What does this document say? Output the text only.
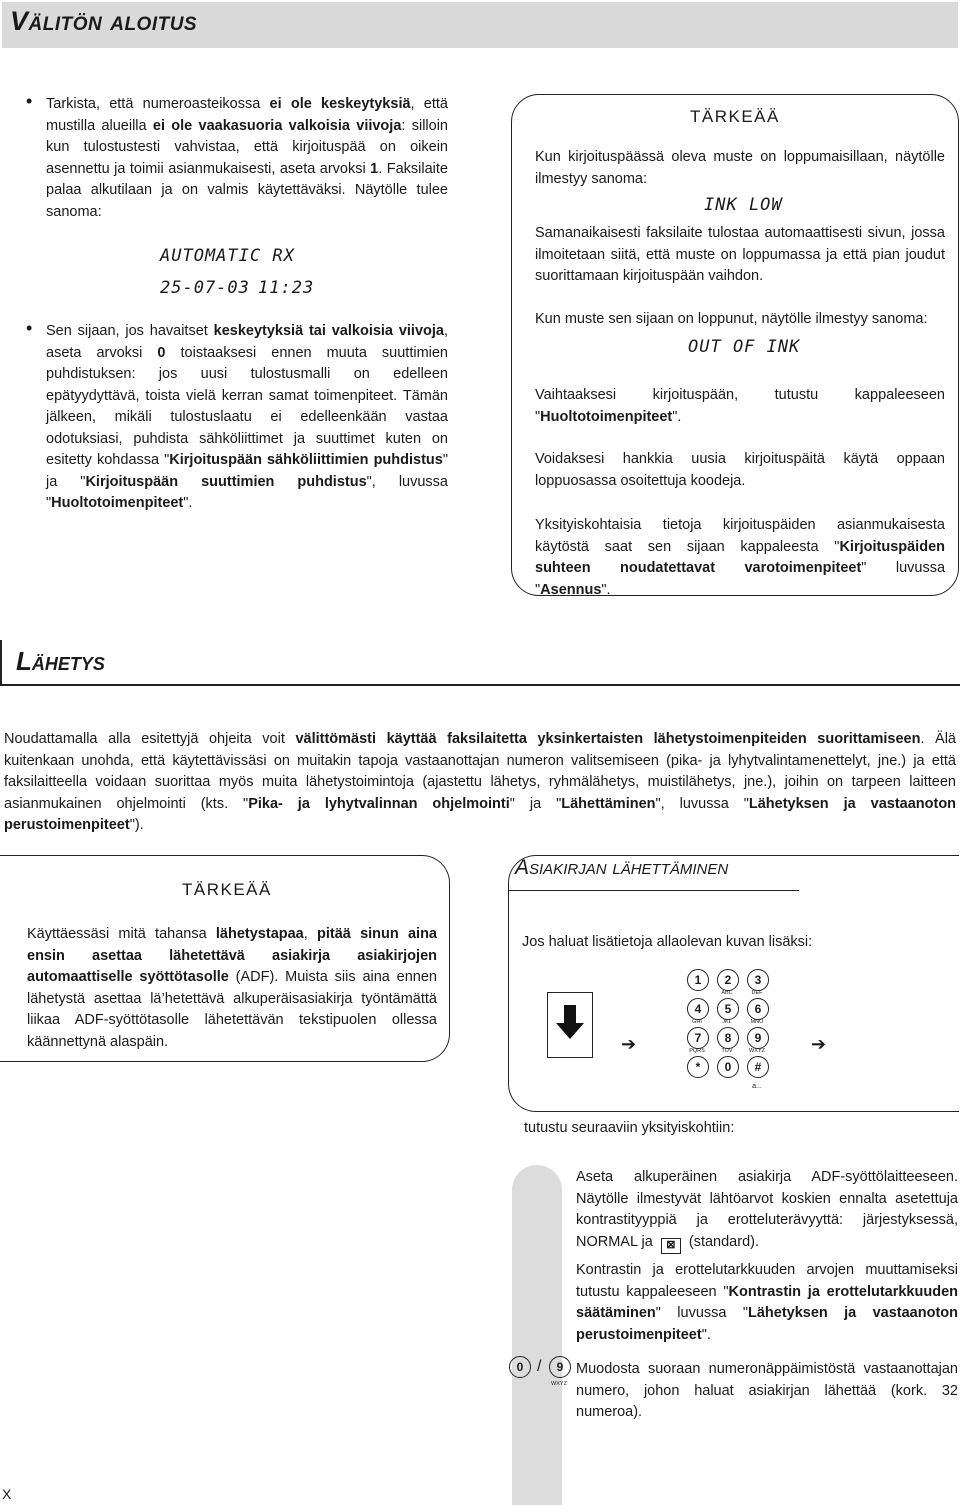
Välitön aloitus
• Tarkista, että numeroasteikossa ei ole keskeytyksiä, että mustilla alueilla ei ole vaakasuoria valkoisia viivoja: silloin kun tulostustesti vahvistaa, että kirjoituspää on oikein asennettu ja toimii asianmukaisesti, aseta arvoksi 1. Faksilaite palaa alkutilaan ja on valmis käytettäväksi. Näytölle tulee sanoma:
AUTOMATIC RX
25-07-03 11:23
• Sen sijaan, jos havaitset keskeytyksiä tai valkoisia viivoja, aseta arvoksi 0 toistaaksesi ennen muuta suuttimien puhdistuksen: jos uusi tulostusmalli on edelleen epätyydyttävä, toista vielä kerran samat toimenpiteet. Tämän jälkeen, mikäli tulostuslaatu ei edelleenkään vastaa odotuksiasi, puhdista sähköliittimet ja suuttimet kuten on esitetty kohdassa "Kirjoituspään sähköliittimien puhdistus" ja "Kirjoituspään suuttimien puhdistus", luvussa "Huoltotoimenpiteet".
TÄRKEÄÄ
Kun kirjoituspäässä oleva muste on loppumaisillaan, näytölle ilmestyy sanoma:
INK LOW
Samanaikaisesti faksilaite tulostaa automaattisesti sivun, jossa ilmoitetaan siitä, että muste on loppumassa ja että pian joudut suorittamaan kirjoituspään vaihdon.
Kun muste sen sijaan on loppunut, näytölle ilmestyy sanoma:
OUT OF INK
Vaihtaaksesi kirjoituspään, tutustu kappaleeseen "Huoltotoimenpiteet".
Voidaksesi hankkia uusia kirjoituspäitä käytä oppaan loppuosassa osoitettuja koodeja.
Yksityiskohtaisia tietoja kirjoituspäiden asianmukaisesta käytöstä saat sen sijaan kappaleesta "Kirjoituspäiden suhteen noudatettavat varotoimenpiteet" luvussa "Asennus".
Lähetys
Noudattamalla alla esitettyjä ohjeita voit välittömästi käyttää faksilaitetta yksinkertaisten lähetystoimenpiteiden suorittamiseen. Älä kuitenkaan unohda, että käytettävissäsi on muitakin tapoja vastaanottajan numeron valitsemiseen (pika- ja lyhytvalintamenettelyt, jne.) ja että faksilaitteella voidaan suorittaa myös muita lähetystoimintoja (ajastettu lähetys, ryhmälähetys, muistilähetys, jne.), joihin on tarpeen laitteen asianmukainen ohjelmointi (kts. "Pika- ja lyhytvalinnan ohjelmointi" ja "Lähettäminen", luvussa "Lähetyksen ja vastaanoton perustoimenpiteet").
TÄRKEÄÄ
Käyttäessäsi mitä tahansa lähetystapaa, pitää sinun aina ensin asettaa lähetettävä asiakirja asiakirjojen automaattiselle syöttötasolle (ADF). Muista siis aina ennen lähetystä asettaa lä’hetettävä alkuperäisasiakirja työntämättä liikaa ADF-syöttötasolle lähetettävän tekstipuolen ollessa käännettynä alaspäin.
Asiakirjan lähettäminen
Jos haluat lisätietoja allaolevan kuvan lisäksi:
➔	➔
1	2
ABC
3
DEF
4
GHI
5
JKL
6
MNO
7
PQRS
8
TUV
9
WXYZ
*	0	#
a...
tutustu seuraaviin yksityiskohtiin:
Aseta alkuperäinen asiakirja ADF-syöttölaitteeseen. Näytölle ilmestyvät lähtöarvot koskien ennalta asetettuja kontrastityyppiä ja erotteluterävyyttä: järjestyksessä, NORMAL ja ⊠ (standard).
Kontrastin ja erottelutarkkuuden arvojen muuttamiseksi tutustu kappaleeseen "Kontrastin ja erottelutarkkuuden säätäminen" luvussa "Lähetyksen ja vastaanoton perustoimenpiteet".
0 /	9
WXYZ
Muodosta suoraan numeronäppäimistöstä vastaanottajan numero, johon haluat asiakirjan lähettää (kork. 32 numeroa).
X
